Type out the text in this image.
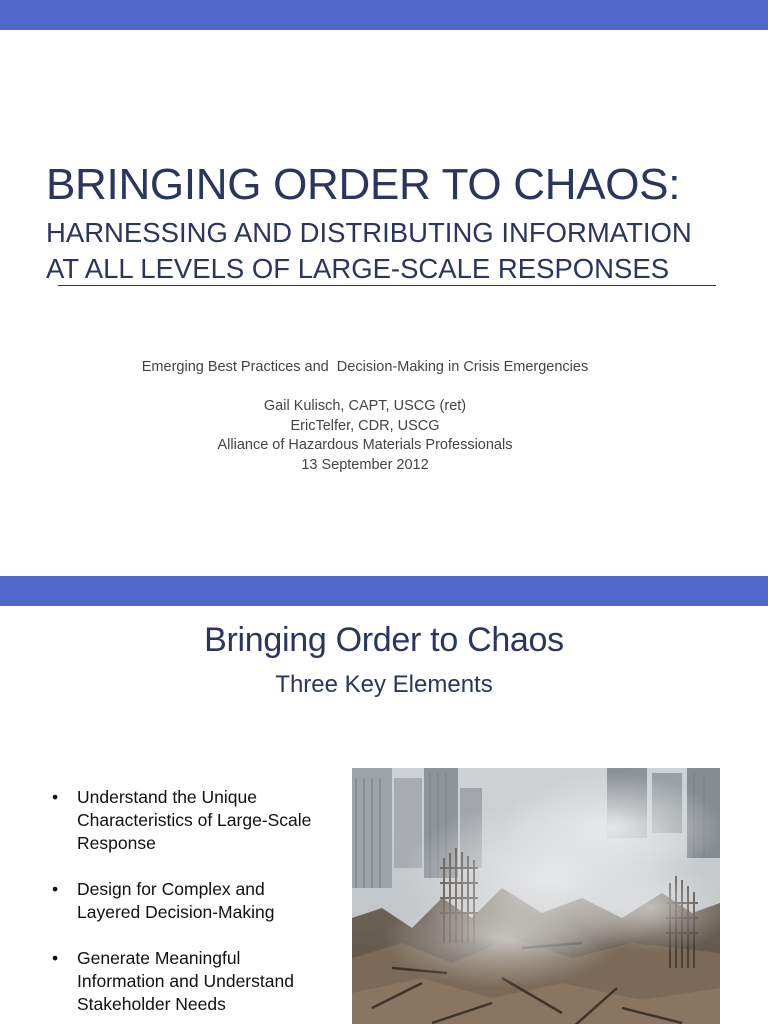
BRINGING ORDER TO CHAOS:
HARNESSING AND DISTRIBUTING INFORMATION
AT ALL LEVELS OF LARGE-SCALE RESPONSES
Emerging Best Practices and  Decision-Making in Crisis Emergencies
Gail Kulisch, CAPT, USCG (ret)
EricTelfer, CDR, USCG
Alliance of Hazardous Materials Professionals
13 September 2012
Bringing Order to Chaos
Three Key Elements
• Understand the Unique
Characteristics of Large-Scale
Response
• Design for Complex and
Layered Decision-Making
• Generate Meaningful
Information and Understand
Stakeholder Needs
